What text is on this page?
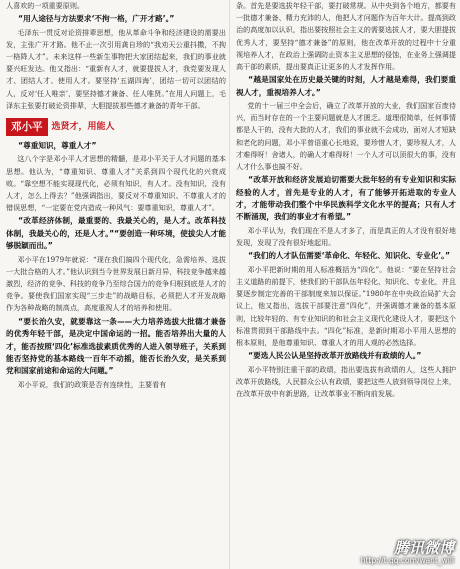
人喜欢的一项重要原则。

“用人途径与方法要求‘不拘一格，广开才路’。”

毛泽东一贯反对论资排辈思想，他从革命斗争和经济建设的需要出发，主张广开才路。他不止一次引用龚自珍的“我劝天公重抖擞，不拘一格降人才”。未来这样一些新生事物把大家团结起来，我们的事业就要兴旺发达。他又指出：“重新有人才，就要提拔人才，我党要发现人才、团结人才、使用人才。要坚持‘五湖四海’，团结一切可以团结的人，反对‘任人唯亲’，要坚持德才兼备、任人唯贤。”在用人问题上，毛泽东主张要打破论资排辈，大胆提拔那些德才兼备的青年干部。

邓小平	选贤才，用能人

“尊重知识，尊重人才”

这八个字是邓小平人才思想的精髓，是邓小平关于人才问题的基本思想。他认为，“尊重知识、尊重人才”关系到四个现代化的兴衰成败。“靠空想不能实现现代化，必须有知识，有人才。没有知识，没有人才，怎么上得去？”他强调指出，要反对不尊重知识、不尊重人才的错误思想，“一定要在党内造成一种风气：要尊重知识，尊重人才”。

“改革经济体制，最重要的、我最关心的，是人才。改革科技体制，我最关心的，还是人才。”“要创造一种环境，使拔尖人才能够脱颖而出。”

邓小平在1979年就说：“现在我们搞四个现代化，急需培养、选拔一大批合格的人才。”他认识到当今世界发展日新月异，科技竞争越来越激烈，经济的竞争、科技的竞争乃至综合国力的竞争归根到底是人才的竞争。要使我们国家实现“三步走”的战略目标，必须把人才开发战略作为各种战略的制高点，高度重视人才的培养和使用。

“要长治久安，就要靠这一条——大力培养选拔大批德才兼备的优秀年轻干部，是决定中国命运的一招。能否培养出大量的人才，能否按照‘四化’标准选拔素质优秀的人进入领导班子，关系到能否坚持党的基本路线一百年不动摇，能否长治久安，是关系到党和国家前途和命运的大问题。”

邓小平说，我们的政策是否有连续性，主要看有

条。首先是要选拔年轻干部，要打破常规。从中央到各个地方，都要有一批德才兼备、精力充沛的人，他把人才问题作为百年大计。提高到政治的高度加以认识，指出要按照社会主义的需要选拔人才，要大胆提拔优秀人才，要坚持“德才兼备”的原则，他在改革开放的过程中十分重视培养人才，在政治上强调防止资本主义思想的侵蚀，在业务上强调提高干部的素质，提出要真正让更多的人才发挥作用。

“越是国家处在历史最关键的时刻，人才越是难得，我们要重视人才，重视培养人才。”

党的十一届三中全会后，确立了改革开放的大业，我们国家百废待兴，而当时存在的一个主要问题就是人才匮乏。道理很简单，任何事情都是人干的，没有大批的人才，我们的事业就不会成功，面对人才短缺和老化的问题，邓小平曾语重心长地说，要珍惜人才，要珍视人才，人才难得呀！舍诸人，的确人才难得呀！一个人才可以顶很大的事，没有人才什么事也搞不好。

“改革开放和经济发展迫切需要大批年轻的有专业知识和实际经验的人才，首先是专业的人才，有了能够开拓进取的专业人才，才能带动我们整个中华民族科学文化水平的提高；只有人才不断涌现，我们的事业才有希望。”

邓小平认为，我们现在不是人才多了，而是真正的人才没有很好地发现，发现了没有很好地起用。

“我们的人才队伍需要‘革命化、年轻化、知识化、专业化’。”

邓小平把新时期的用人标准概括为“四化”。他说：“要在坚持社会主义道路的前提下，使我们的干部队伍年轻化、知识化、专业化，并且要逐步制定完善的干部制度来加以保证。”1980年在中央政治局扩大会议上，他又指出，选拔干部要注意“四化”，并强调德才兼备的基本原则，比较年轻的、有专业知识的和社会主义现代化建设人才，要把这个标准贯彻到干部路线中去。“四化”标准，是新时期邓小平用人思想的根本原则，是他尊重知识、尊重人才的用人观的必然选择。

“要选人民公认是坚持改革开放路线并有政绩的人。”

邓小平特别注重干部的政绩，指出要选拔有政绩的人，这些人拥护改革开放路线，人民群众公认有政绩，要把这些人放到领导岗位上来，在改革开放中有新思路，让改革事业不断向前发展。

腾讯微博
http://t.qq.com/want_will
